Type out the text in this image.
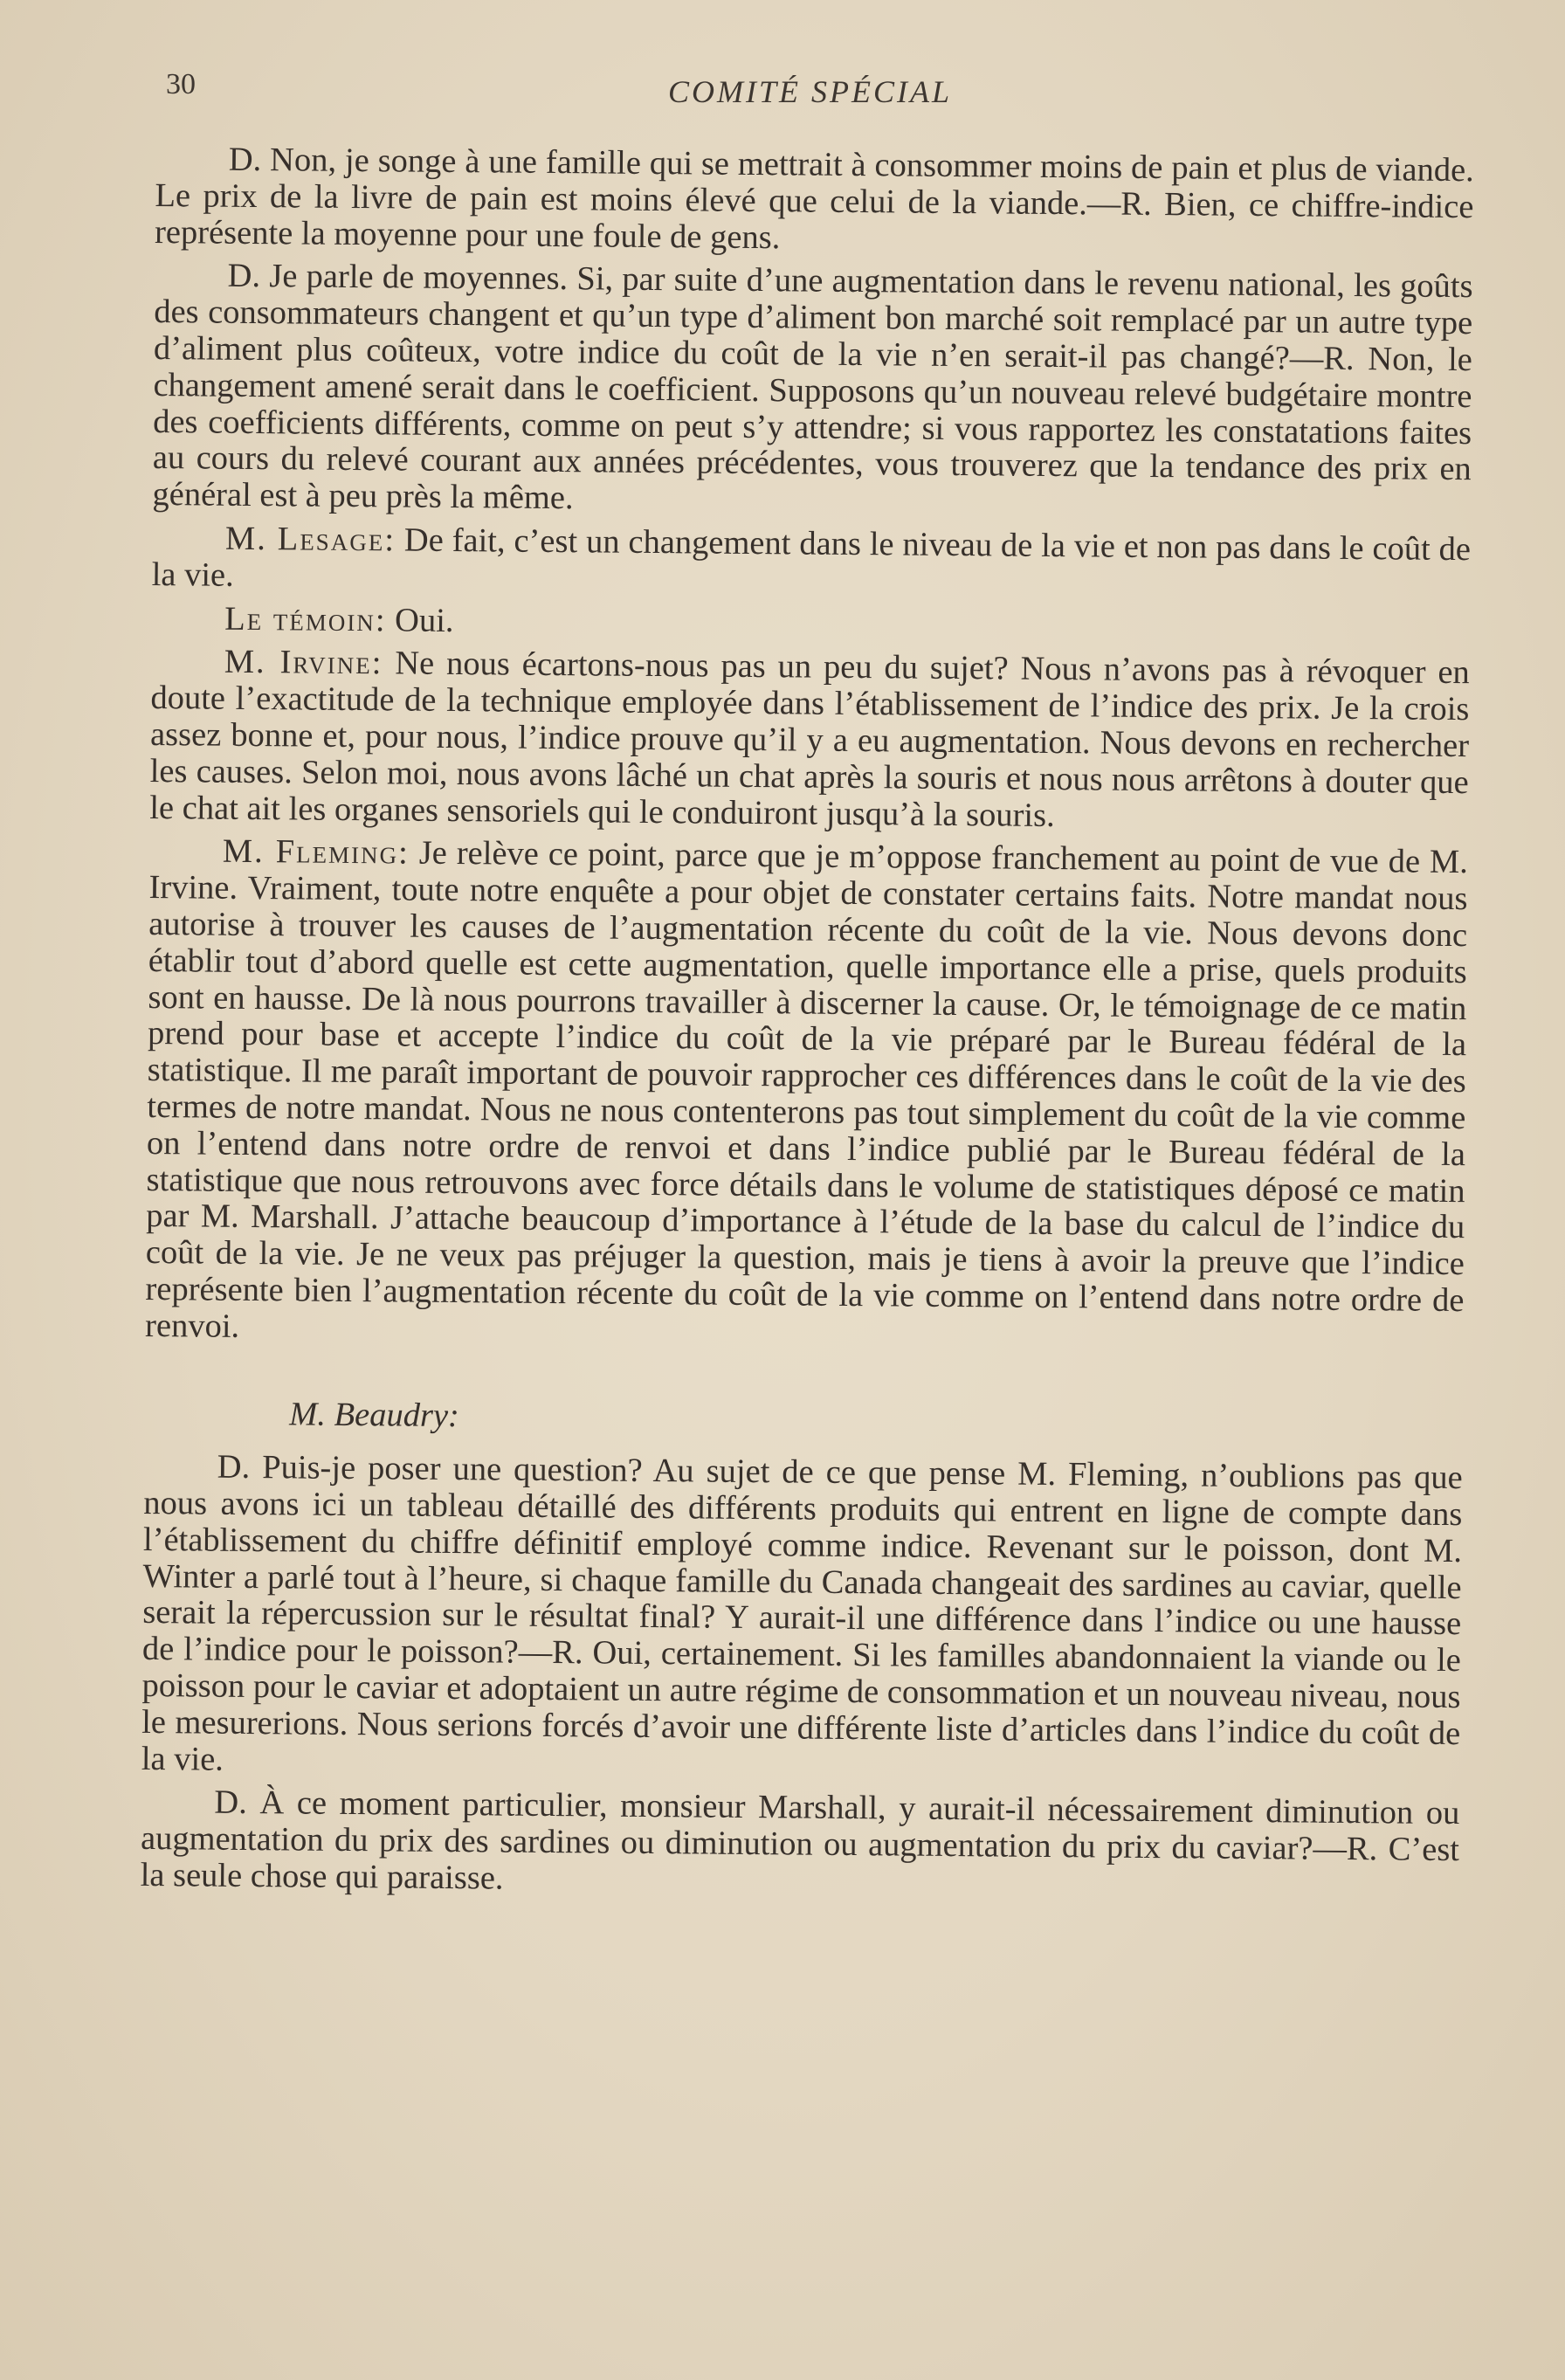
30	COMITÉ SPÉCIAL

D. Non, je songe à une famille qui se mettrait à consommer moins de pain et plus de viande. Le prix de la livre de pain est moins élevé que celui de la viande.—R. Bien, ce chiffre-indice représente la moyenne pour une foule de gens.

D. Je parle de moyennes. Si, par suite d’une augmentation dans le revenu national, les goûts des consommateurs changent et qu’un type d’aliment bon marché soit remplacé par un autre type d’aliment plus coûteux, votre indice du coût de la vie n’en serait-il pas changé?—R. Non, le changement amené serait dans le coefficient. Supposons qu’un nouveau relevé budgétaire montre des coefficients différents, comme on peut s’y attendre; si vous rapportez les constatations faites au cours du relevé courant aux années précédentes, vous trouverez que la tendance des prix en général est à peu près la même.

M. Lesage: De fait, c’est un changement dans le niveau de la vie et non pas dans le coût de la vie.

Le témoin: Oui.

M. Irvine: Ne nous écartons-nous pas un peu du sujet? Nous n’avons pas à révoquer en doute l’exactitude de la technique employée dans l’établissement de l’indice des prix. Je la crois assez bonne et, pour nous, l’indice prouve qu’il y a eu augmentation. Nous devons en rechercher les causes. Selon moi, nous avons lâché un chat après la souris et nous nous arrêtons à douter que le chat ait les organes sensoriels qui le conduiront jusqu’à la souris.

M. Fleming: Je relève ce point, parce que je m’oppose franchement au point de vue de M. Irvine. Vraiment, toute notre enquête a pour objet de constater certains faits. Notre mandat nous autorise à trouver les causes de l’augmentation récente du coût de la vie. Nous devons donc établir tout d’abord quelle est cette augmentation, quelle importance elle a prise, quels produits sont en hausse. De là nous pourrons travailler à discerner la cause. Or, le témoignage de ce matin prend pour base et accepte l’indice du coût de la vie préparé par le Bureau fédéral de la statistique. Il me paraît important de pouvoir rapprocher ces différences dans le coût de la vie des termes de notre mandat. Nous ne nous contenterons pas tout simplement du coût de la vie comme on l’entend dans notre ordre de renvoi et dans l’indice publié par le Bureau fédéral de la statistique que nous retrouvons avec force détails dans le volume de statistiques déposé ce matin par M. Marshall. J’attache beaucoup d’importance à l’étude de la base du calcul de l’indice du coût de la vie. Je ne veux pas préjuger la question, mais je tiens à avoir la preuve que l’indice représente bien l’augmentation récente du coût de la vie comme on l’entend dans notre ordre de renvoi.

M. Beaudry:

D. Puis-je poser une question? Au sujet de ce que pense M. Fleming, n’oublions pas que nous avons ici un tableau détaillé des différents produits qui entrent en ligne de compte dans l’établissement du chiffre définitif employé comme indice. Revenant sur le poisson, dont M. Winter a parlé tout à l’heure, si chaque famille du Canada changeait des sardines au caviar, quelle serait la répercussion sur le résultat final? Y aurait-il une différence dans l’indice ou une hausse de l’indice pour le poisson?—R. Oui, certainement. Si les familles abandonnaient la viande ou le poisson pour le caviar et adoptaient un autre régime de consommation et un nouveau niveau, nous le mesurerions. Nous serions forcés d’avoir une différente liste d’articles dans l’indice du coût de la vie.

D. À ce moment particulier, monsieur Marshall, y aurait-il nécessairement diminution ou augmentation du prix des sardines ou diminution ou augmentation du prix du caviar?—R. C’est la seule chose qui paraisse.
